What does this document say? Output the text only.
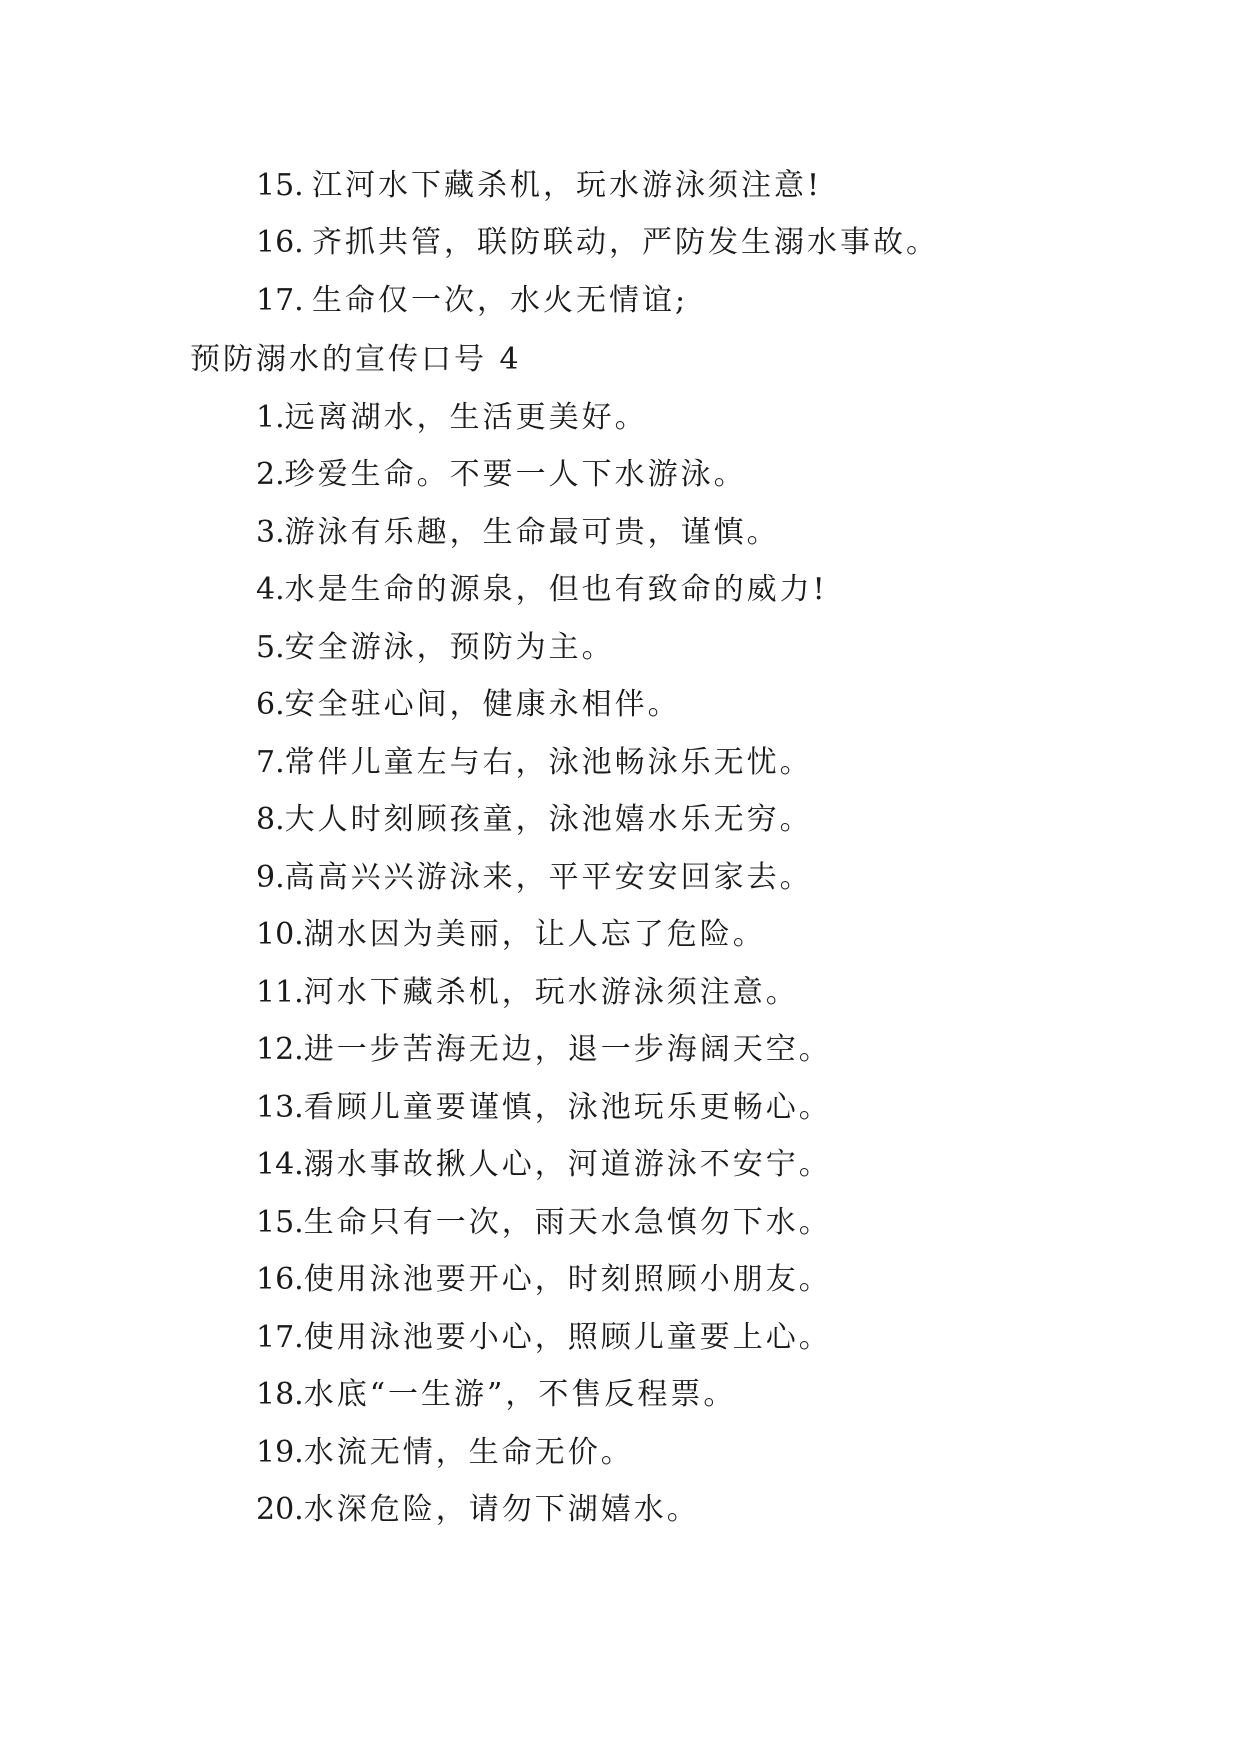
15. 江河水下藏杀机，玩水游泳须注意!
16. 齐抓共管，联防联动，严防发生溺水事故。
17. 生命仅一次，水火无情谊;
预防溺水的宣传口号 4
1.远离湖水，生活更美好。
2.珍爱生命。不要一人下水游泳。
3.游泳有乐趣，生命最可贵，谨慎。
4.水是生命的源泉，但也有致命的威力!
5.安全游泳，预防为主。
6.安全驻心间，健康永相伴。
7.常伴儿童左与右，泳池畅泳乐无忧。
8.大人时刻顾孩童，泳池嬉水乐无穷。
9.高高兴兴游泳来，平平安安回家去。
10.湖水因为美丽，让人忘了危险。
11.河水下藏杀机，玩水游泳须注意。
12.进一步苦海无边，退一步海阔天空。
13.看顾儿童要谨慎，泳池玩乐更畅心。
14.溺水事故揪人心，河道游泳不安宁。
15.生命只有一次，雨天水急慎勿下水。
16.使用泳池要开心，时刻照顾小朋友。
17.使用泳池要小心，照顾儿童要上心。
18.水底“一生游”，不售反程票。
19.水流无情，生命无价。
20.水深危险，请勿下湖嬉水。
